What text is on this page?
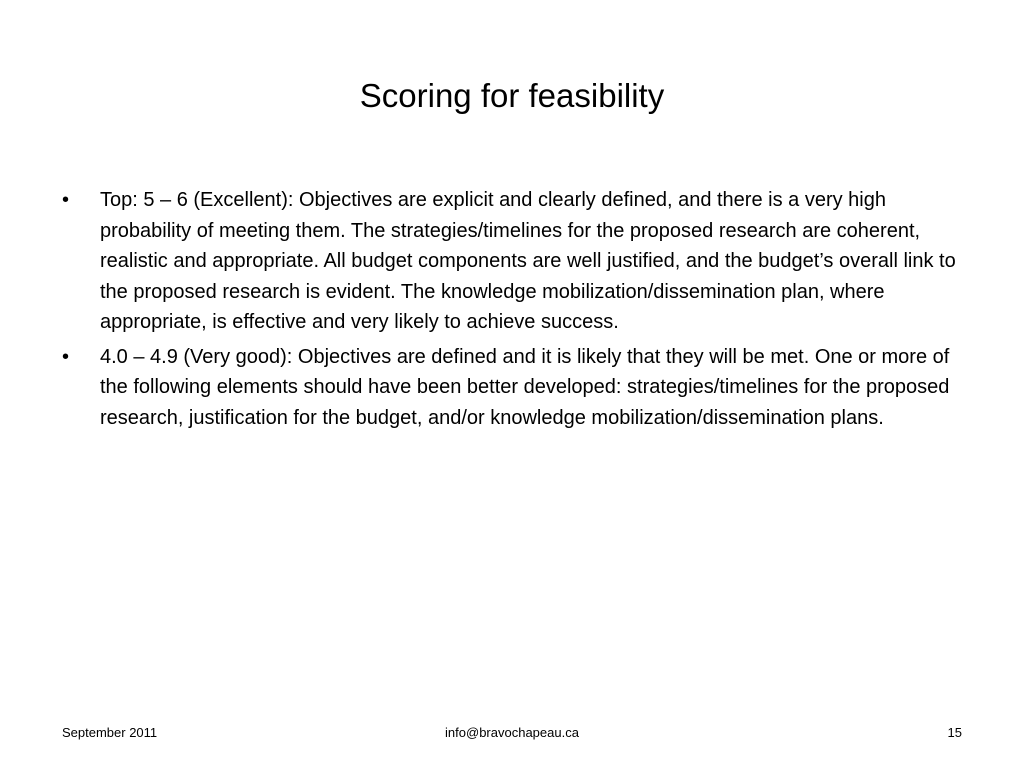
Scoring for feasibility
•	Top: 5 – 6 (Excellent): Objectives are explicit and clearly defined, and there is a very high probability of meeting them. The strategies/timelines for the proposed research are coherent, realistic and appropriate. All budget components are well justified, and the budget’s overall link to the proposed research is evident. The knowledge mobilization/dissemination plan, where appropriate, is effective and very likely to achieve success.
•	4.0 – 4.9 (Very good): Objectives are defined and it is likely that they will be met. One or more of the following elements should have been better developed: strategies/timelines for the proposed research, justification for the budget, and/or knowledge mobilization/dissemination plans.
September 2011	info@bravochapeau.ca	15
